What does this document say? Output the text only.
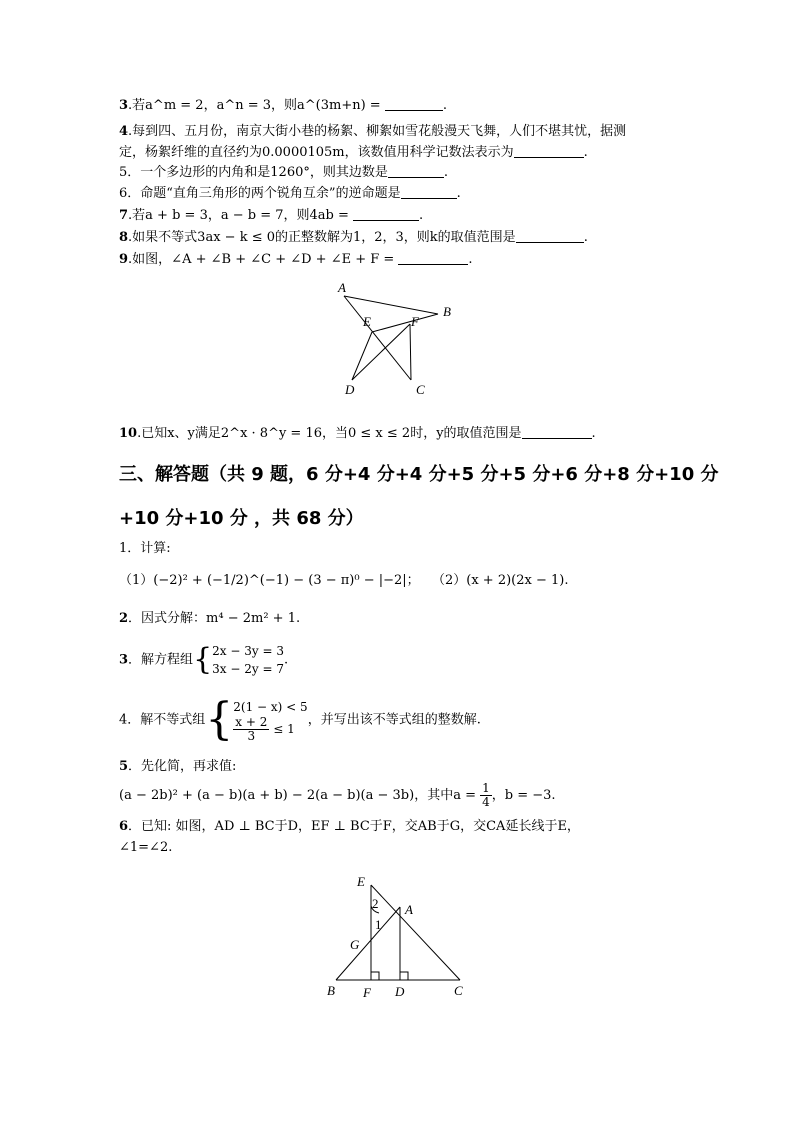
3.若a^m = 2，a^n = 3，则a^(3m+n) =	.
4.每到四、五月份，南京大街小巷的杨絮、柳絮如雪花般漫天飞舞，人们不堪其忧，据测
定，杨絮纤维的直径约为0.0000105m，该数值用科学记数法表示为	.
5．一个多边形的内角和是1260°，则其边数是	.
6．命题“直角三角形的两个锐角互余”的逆命题是	.
7.若a + b = 3，a − b = 7，则4ab =	.
8.如果不等式3ax − k ≤ 0的正整数解为1，2，3，则k的取值范围是	.
9.如图，∠A + ∠B + ∠C + ∠D + ∠E + F =	.
A
B
E	F
D	C
10.已知x、y满足2^x · 8^y = 16，当0 ≤ x ≤ 2时，y的取值范围是	.
三、解答题（共 9 题，6 分+4 分+4 分+5 分+5 分+6 分+8 分+10 分
+10 分+10 分 ，共 68 分）
1．计算:
（1）(−2)² + (−1/2)^(−1) − (3 − π)⁰ − |−2|； （2）(x + 2)(2x − 1).
2．因式分解：m⁴ − 2m² + 1.
3．解方程组{ 2x − 3y = 3
3x − 2y = 7
.
4．解不等式组{ 2(1 − x) < 5
$\frac{x + 2}{3} \le 1$
，并写出该不等式组的整数解.
5．先化简，再求值:
(a − 2b)² + (a − b)(a + b) − 2(a − b)(a − 3b)，其中$a = \frac{1}{4}$ ，b = −3.
6．已知: 如图，AD ⊥ BC于D，EF ⊥ BC于F，交AB于G，交CA延长线于E，
∠1=∠2.
E
2
1
A
G
B F D	C
